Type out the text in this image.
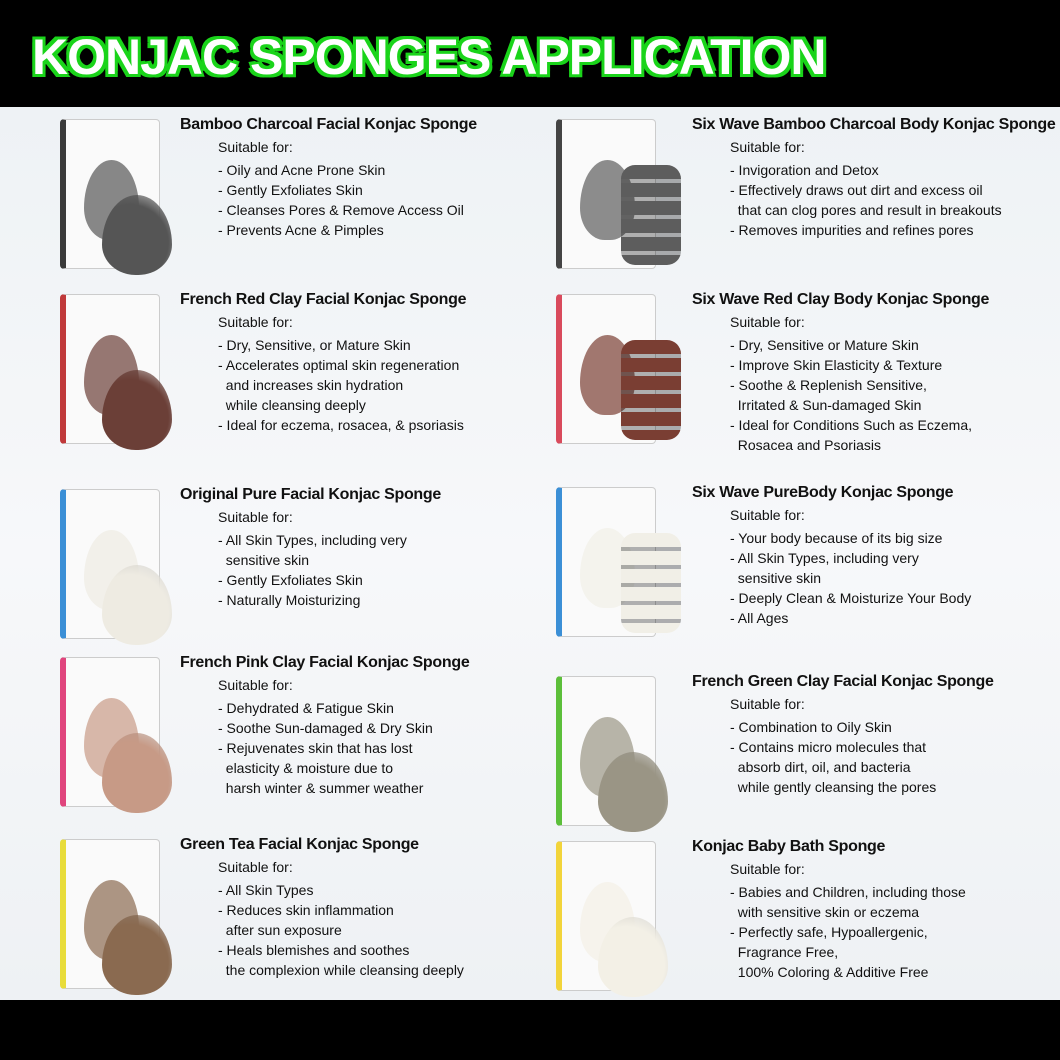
KONJAC SPONGES APPLICATION
Bamboo Charcoal Facial Konjac Sponge
Suitable for:
- Oily and Acne Prone Skin
- Gently Exfoliates Skin
- Cleanses Pores & Remove Access Oil
- Prevents Acne & Pimples
French Red Clay Facial Konjac Sponge
Suitable for:
- Dry, Sensitive, or Mature Skin
- Accelerates optimal skin regeneration
and increases skin hydration
while cleansing deeply
- Ideal for eczema, rosacea, & psoriasis
Original Pure Facial Konjac Sponge
Suitable for:
- All Skin Types, including very
sensitive skin
- Gently Exfoliates Skin
- Naturally Moisturizing
French Pink Clay Facial Konjac Sponge
Suitable for:
- Dehydrated & Fatigue Skin
- Soothe Sun-damaged & Dry Skin
- Rejuvenates skin that has lost
elasticity & moisture due to
harsh winter & summer weather
Green Tea Facial Konjac Sponge
Suitable for:
- All Skin Types
- Reduces skin inflammation
after sun exposure
- Heals blemishes and soothes
the complexion while cleansing deeply
Six Wave Bamboo Charcoal Body Konjac Sponge
Suitable for:
- Invigoration and Detox
- Effectively draws out dirt and excess oil
that can clog pores and result in breakouts
- Removes impurities and refines pores
Six Wave Red Clay Body Konjac Sponge
Suitable for:
- Dry, Sensitive or Mature Skin
- Improve Skin Elasticity & Texture
- Soothe & Replenish Sensitive,
Irritated & Sun-damaged Skin
- Ideal for Conditions Such as Eczema,
Rosacea and Psoriasis
Six Wave PureBody Konjac Sponge
Suitable for:
- Your body because of its big size
- All Skin Types, including very
sensitive skin
- Deeply Clean & Moisturize Your Body
- All Ages
French Green Clay Facial Konjac Sponge
Suitable for:
- Combination to Oily Skin
- Contains micro molecules that
absorb dirt, oil, and bacteria
while gently cleansing the pores
Konjac Baby Bath Sponge
Suitable for:
- Babies and Children, including those
with sensitive skin or eczema
- Perfectly safe, Hypoallergenic,
Fragrance Free,
100% Coloring & Additive Free
